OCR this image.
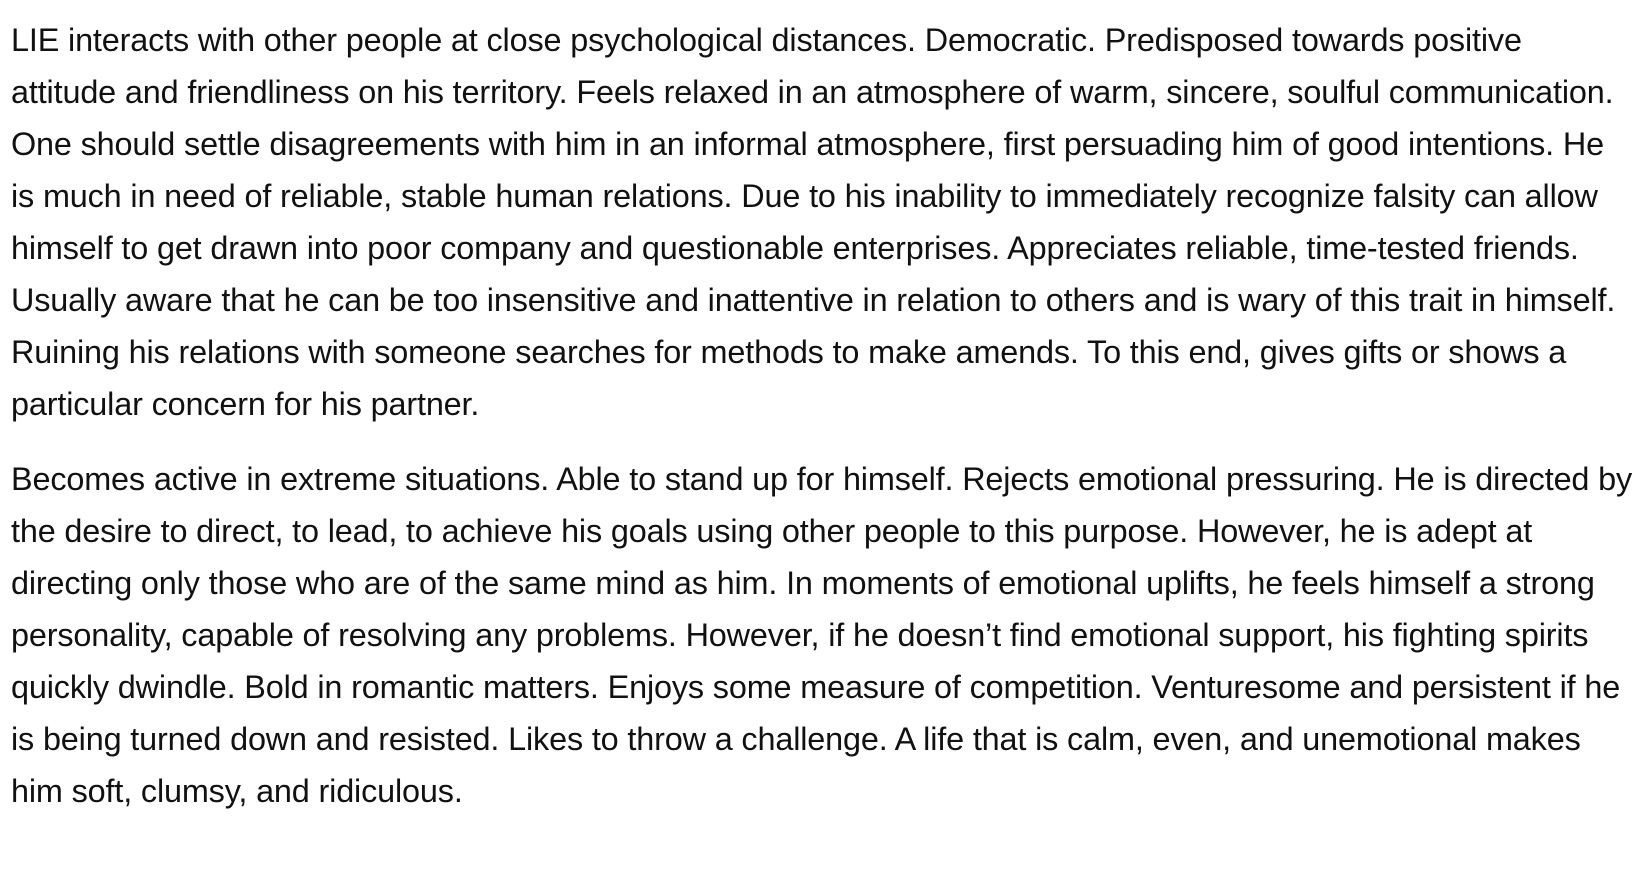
LIE interacts with other people at close psychological distances. Democratic. Predisposed towards positive attitude and friendliness on his territory. Feels relaxed in an atmosphere of warm, sincere, soulful communication. One should settle disagreements with him in an informal atmosphere, first persuading him of good intentions. He is much in need of reliable, stable human relations. Due to his inability to immediately recognize falsity can allow himself to get drawn into poor company and questionable enterprises. Appreciates reliable, time-tested friends. Usually aware that he can be too insensitive and inattentive in relation to others and is wary of this trait in himself. Ruining his relations with someone searches for methods to make amends. To this end, gives gifts or shows a particular concern for his partner.

Becomes active in extreme situations. Able to stand up for himself. Rejects emotional pressuring. He is directed by the desire to direct, to lead, to achieve his goals using other people to this purpose. However, he is adept at directing only those who are of the same mind as him. In moments of emotional uplifts, he feels himself a strong personality, capable of resolving any problems. However, if he doesn’t find emotional support, his fighting spirits quickly dwindle. Bold in romantic matters. Enjoys some measure of competition. Venturesome and persistent if he is being turned down and resisted. Likes to throw a challenge. A life that is calm, even, and unemotional makes him soft, clumsy, and ridiculous.
